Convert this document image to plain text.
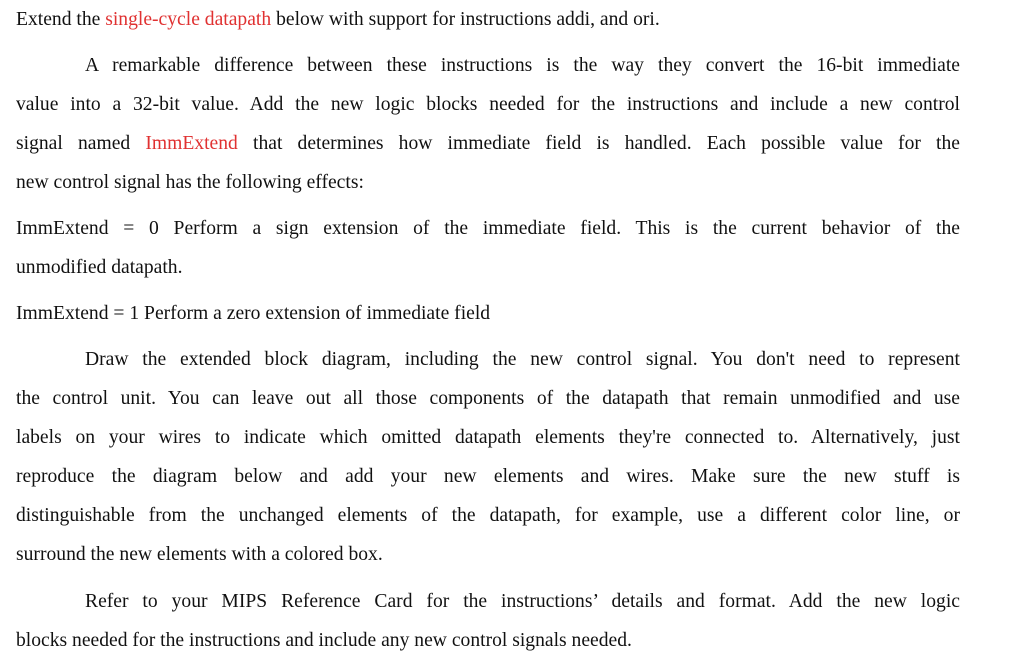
Extend the single-cycle datapath below with support for instructions addi, and ori.
A remarkable difference between these instructions is the way they convert the 16-bit immediate
value into a 32-bit value. Add the new logic blocks needed for the instructions and include a new control
signal named ImmExtend that determines how immediate field is handled. Each possible value for the
new control signal has the following effects:
ImmExtend = 0 Perform a sign extension of the immediate field. This is the current behavior of the
unmodified datapath.
ImmExtend = 1 Perform a zero extension of immediate field
Draw the extended block diagram, including the new control signal. You don't need to represent
the control unit. You can leave out all those components of the datapath that remain unmodified and use
labels on your wires to indicate which omitted datapath elements they're connected to. Alternatively, just
reproduce the diagram below and add your new elements and wires. Make sure the new stuff is
distinguishable from the unchanged elements of the datapath, for example, use a different color line, or
surround the new elements with a colored box.
Refer to your MIPS Reference Card for the instructions’ details and format. Add the new logic
blocks needed for the instructions and include any new control signals needed.
